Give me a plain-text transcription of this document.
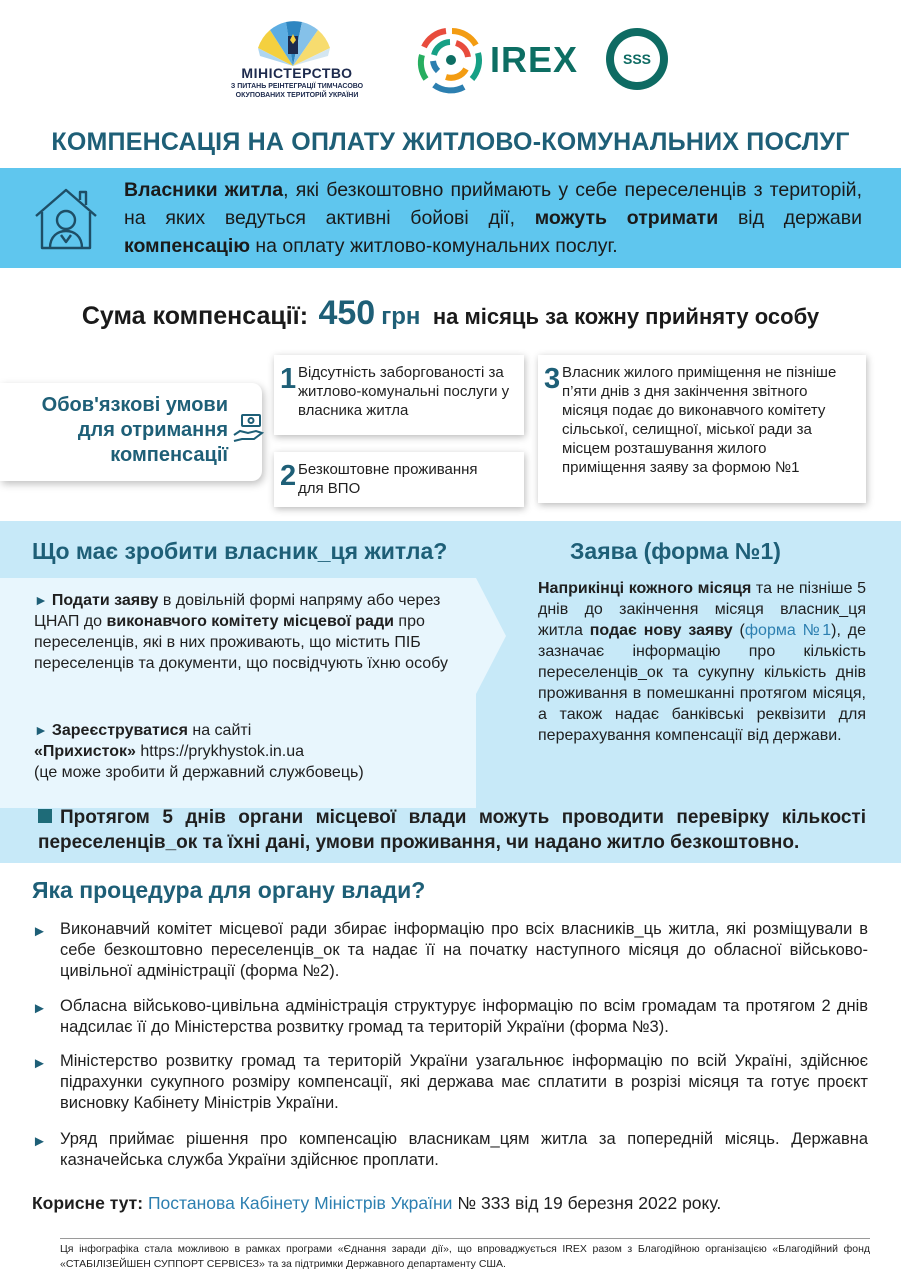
МІНІСТЕРСТВО
З ПИТАНЬ РЕІНТЕГРАЦІЇ ТИМЧАСОВО
ОКУПОВАНИХ ТЕРИТОРІЙ УКРАЇНИ
IREX	SSS
КОМПЕНСАЦІЯ НА ОПЛАТУ ЖИТЛОВО-КОМУНАЛЬНИХ ПОСЛУГ
Власники житла, які безкоштовно приймають у себе переселенців з територій, на яких ведуться активні бойові дії, можуть отримати від держави компенсацію на оплату житлово-комунальних послуг.
Сума компенсації: 450 грн на місяць за кожну прийняту особу
Обов'язкові умови
для отримання
компенсації
1 Відсутність заборгованості за житлово-комунальні послуги у власника житла
2 Безкоштовне проживання для ВПО
3 Власник жилого приміщення не пізніше п’яти днів з дня закінчення звітного місяця подає до виконавчого комітету сільської, селищної, міської ради за місцем розташування жилого приміщення заяву за формою №1
Що має зробити власник_ця житла?	Заява (форма №1)
► Подати заяву в довільній формі напряму або через ЦНАП до виконавчого комітету місцевої ради про переселенців, які в них проживають, що містить ПІБ переселенців та документи, що посвідчують їхню особу
► Зареєструватися на сайті
«Прихисток» https://prykhystok.in.ua
(це може зробити й державний службовець)
Наприкінці кожного місяця та не пізніше 5 днів до закінчення місяця власник_ця житла подає нову заяву (форма №1), де зазначає інформацію про кількість переселенців_ок та сукупну кількість днів проживання в помешканні протягом місяця, а також надає банківські реквізити для перерахування компенсації від держави.
Протягом 5 днів органи місцевої влади можуть проводити перевірку кількості переселенців_ок та їхні дані, умови проживання, чи надано житло безкоштовно.
Яка процедура для органу влади?
► Виконавчий комітет місцевої ради збирає інформацію про всіх власників_ць житла, які розміщували в себе безкоштовно переселенців_ок та надає її на початку наступного місяця до обласної військово-цивільної адміністрації (форма №2).
► Обласна військово-цивільна адміністрація структурує інформацію по всім громадам та протягом 2 днів надсилає її до Міністерства розвитку громад та територій України (форма №3).
► Міністерство розвитку громад та територій України узагальнює інформацію по всій Україні, здійснює підрахунки сукупного розміру компенсації, які держава має сплатити в розрізі місяця та готує проєкт висновку Кабінету Міністрів України.
► Уряд приймає рішення про компенсацію власникам_цям житла за попередній місяць. Державна казначейська служба України здійснює проплати.
Корисне тут: Постанова Кабінету Міністрів України № 333 від 19 березня 2022 року.
Ця інфографіка стала можливою в рамках програми «Єднання заради дії», що впроваджується IREX разом з Благодійною організацією «Благодійний фонд «СТАБІЛІЗЕЙШЕН СУППОРТ СЕРВІСЕЗ» та за підтримки Державного департаменту США.
